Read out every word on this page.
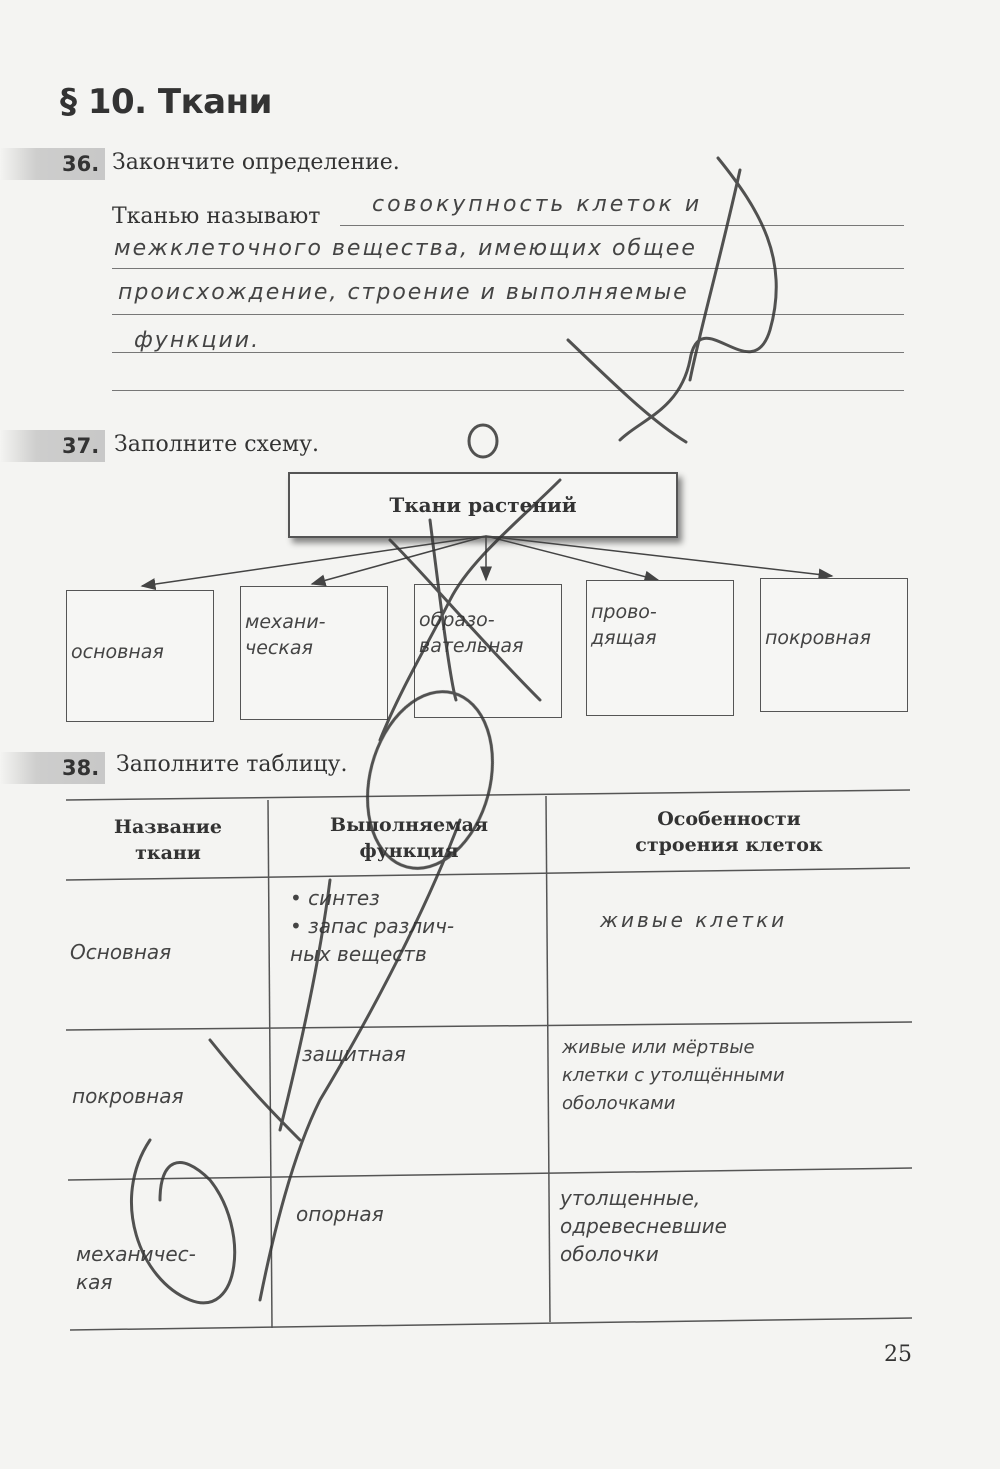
§ 10. Ткани
36. Закончите определение.
Тканью называют совокупность клеток и
межклеточного вещества, имеющих общее
происхождение, строение и выполняемые
функции.
37. Заполните схему.
Ткани растений
основная
механи-
ческая
образо-
вательная
прово-
дящая	покровная
38. Заполните таблицу.
Название
ткани
Выполняемая
функция
Особенности
строения клеток
Основная
• синтез
• запас различ-
ных веществ
живые клетки
покровная
защитная	живые или мёртвые
клетки с утолщёнными
оболочками
механичес-
кая
опорная
утолщенные,
одревесневшие
оболочки
25
